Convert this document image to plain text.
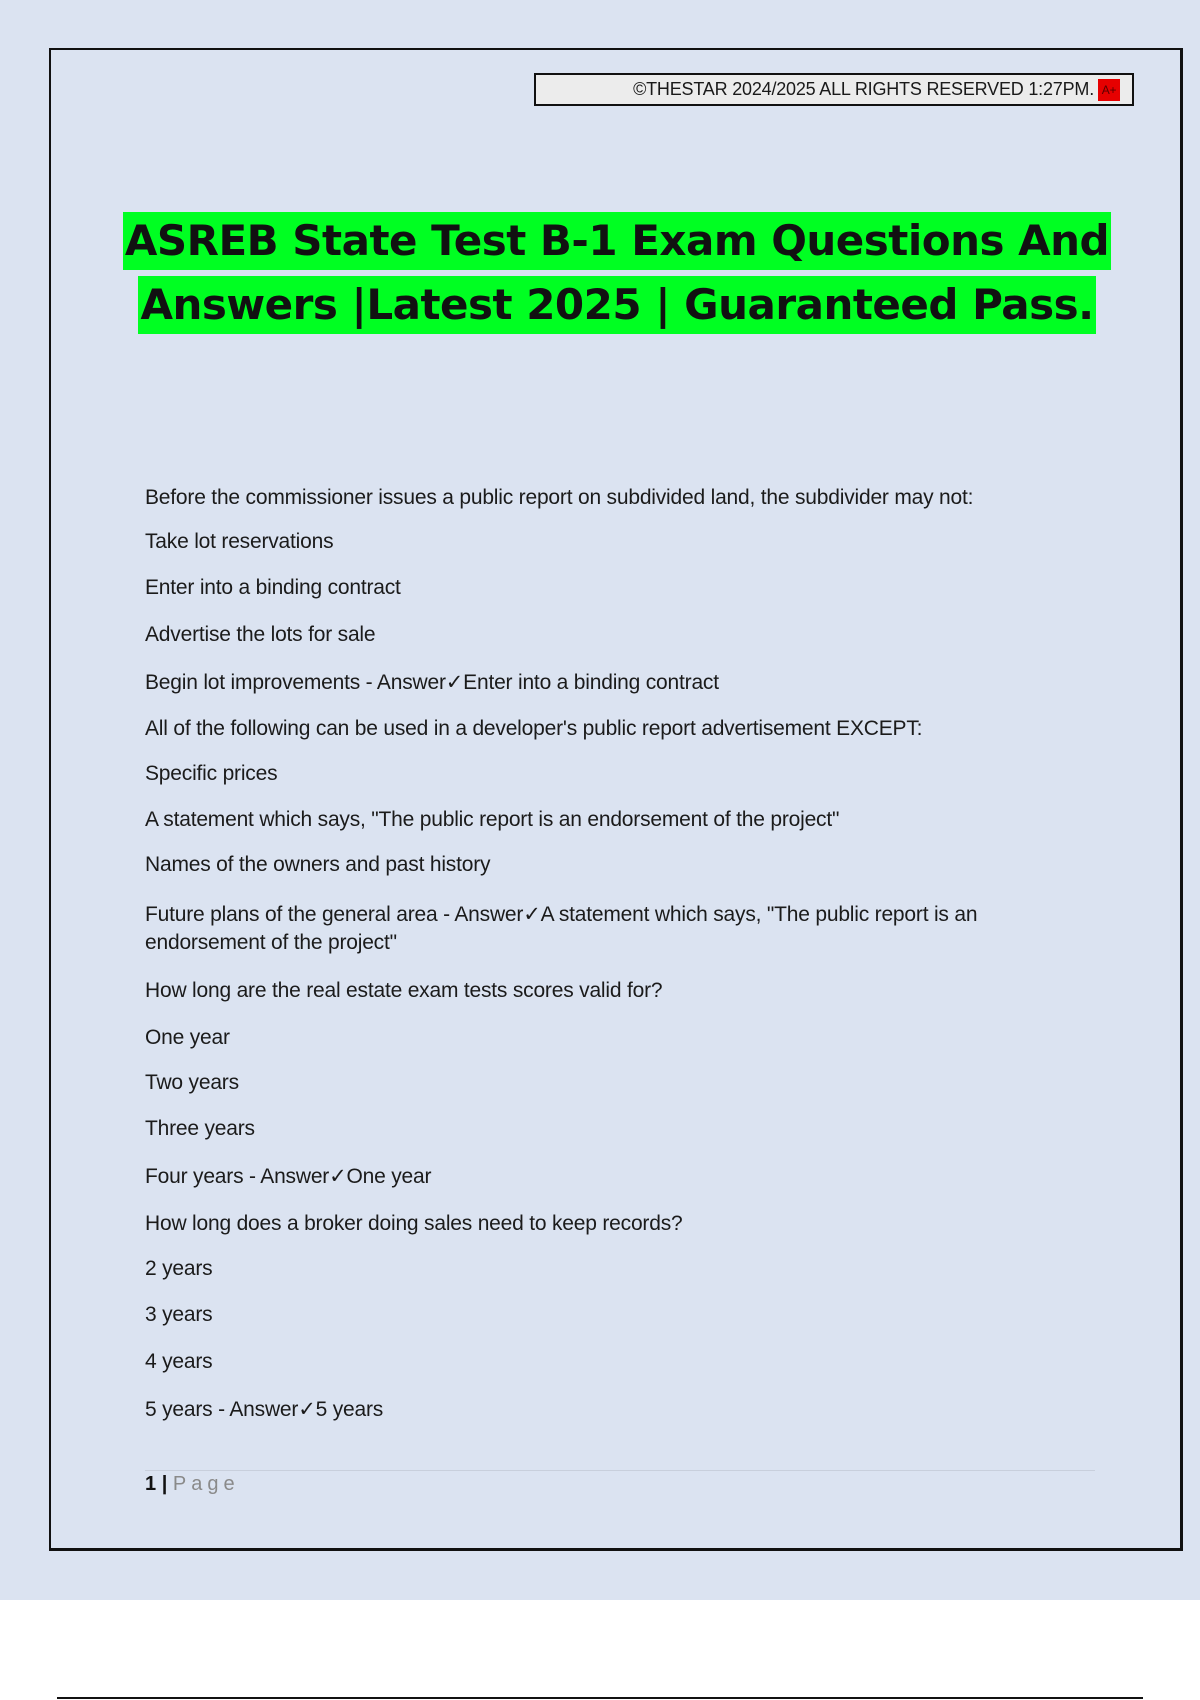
©THESTAR 2024/2025 ALL RIGHTS RESERVED 1:27PM. A+
ASREB State Test B-1 Exam Questions And
Answers |Latest 2025 | Guaranteed Pass.
Before the commissioner issues a public report on subdivided land, the subdivider may not:
Take lot reservations
Enter into a binding contract
Advertise the lots for sale
Begin lot improvements - Answer✓Enter into a binding contract
All of the following can be used in a developer's public report advertisement EXCEPT:
Specific prices
A statement which says, "The public report is an endorsement of the project"
Names of the owners and past history
Future plans of the general area - Answer✓A statement which says, "The public report is an endorsement of the project"
How long are the real estate exam tests scores valid for?
One year
Two years
Three years
Four years - Answer✓One year
How long does a broker doing sales need to keep records?
2 years
3 years
4 years
5 years - Answer✓5 years
1 | Page
